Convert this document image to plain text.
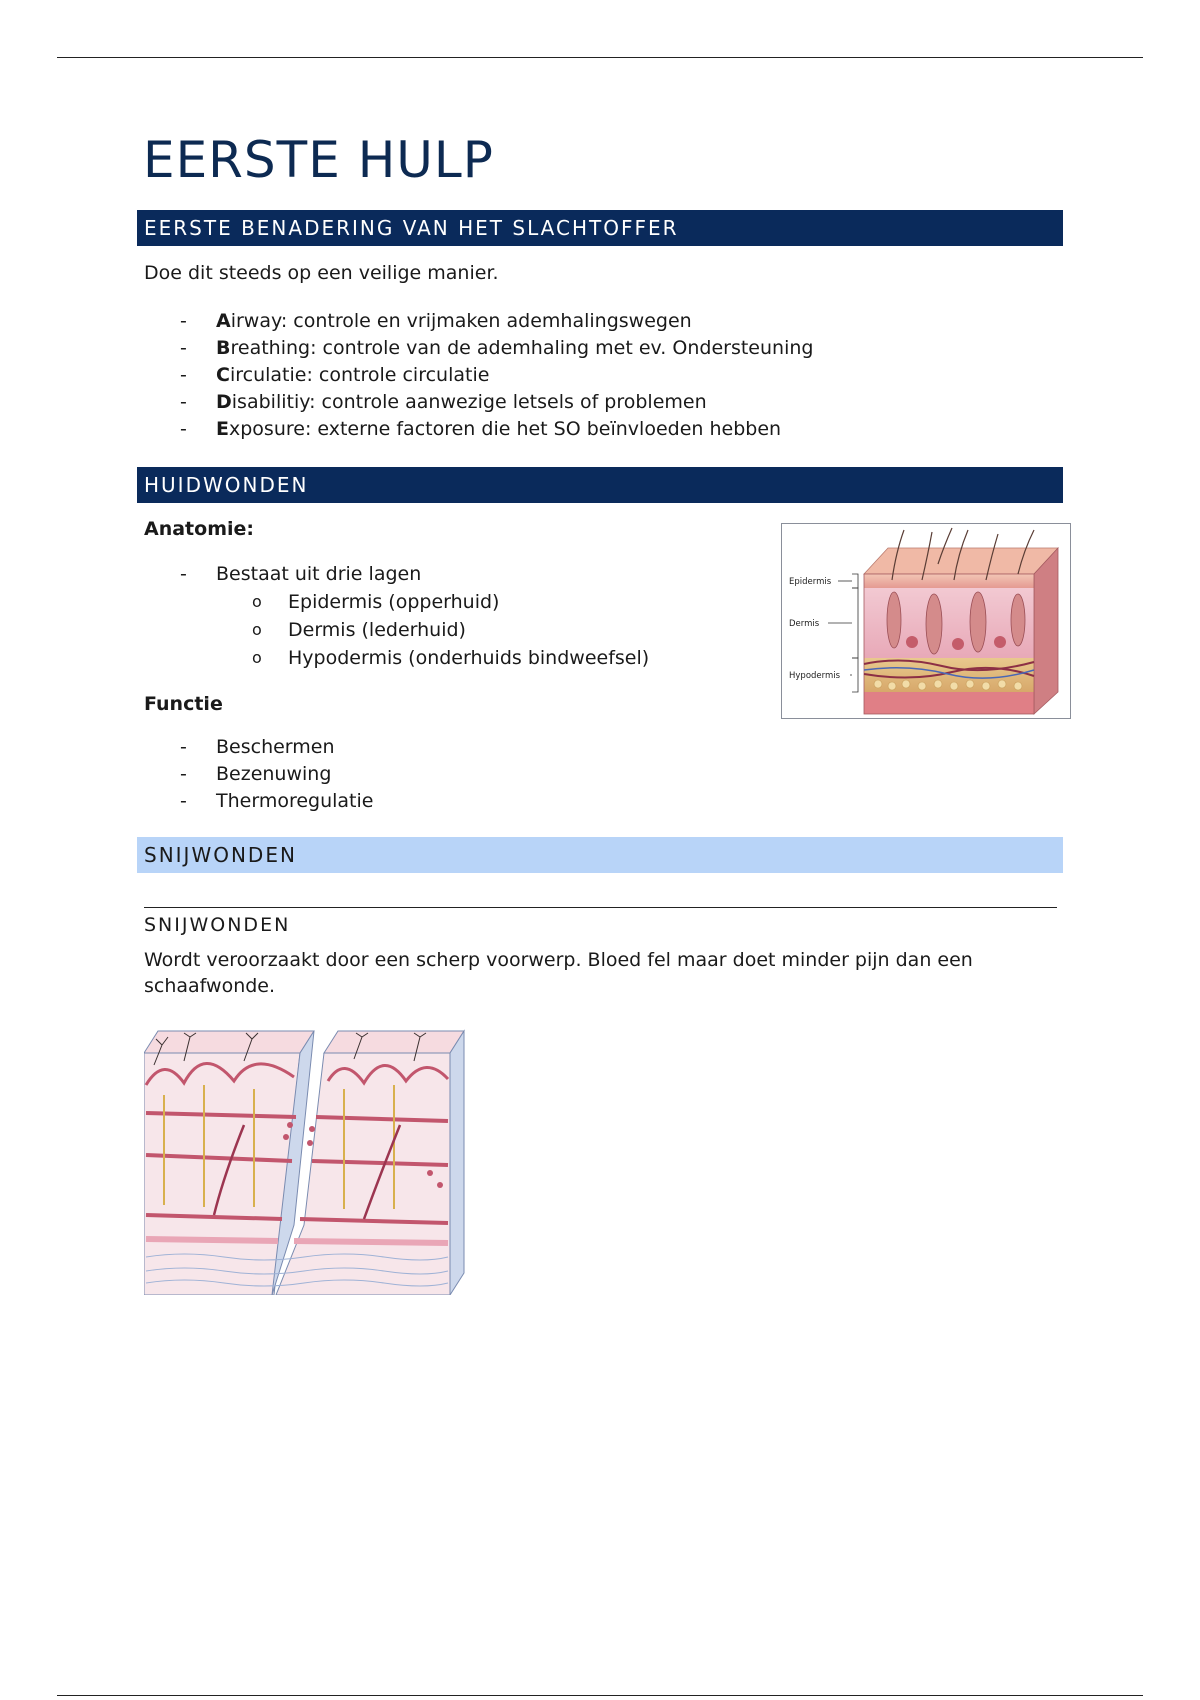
EERSTE HULP
EERSTE BENADERING VAN HET SLACHTOFFER

Doe dit steeds op een veilige manier.

- Airway: controle en vrijmaken ademhalingswegen
- Breathing: controle van de ademhaling met ev. Ondersteuning
- Circulatie: controle circulatie
- Disabilitiy: controle aanwezige letsels of problemen
- Exposure: externe factoren die het SO beïnvloeden hebben
HUIDWONDEN
Epidermis
Dermis
Hypodermis
Anatomie:
- Bestaat uit drie lagen
o Epidermis (opperhuid)
o Dermis (lederhuid)
o Hypodermis (onderhuids bindweefsel)
Functie
- Beschermen
- Bezenuwing
- Thermoregulatie
SNIJWONDEN
SNIJWONDEN

Wordt veroorzaakt door een scherp voorwerp. Bloed fel maar doet minder pijn dan een schaafwonde.
